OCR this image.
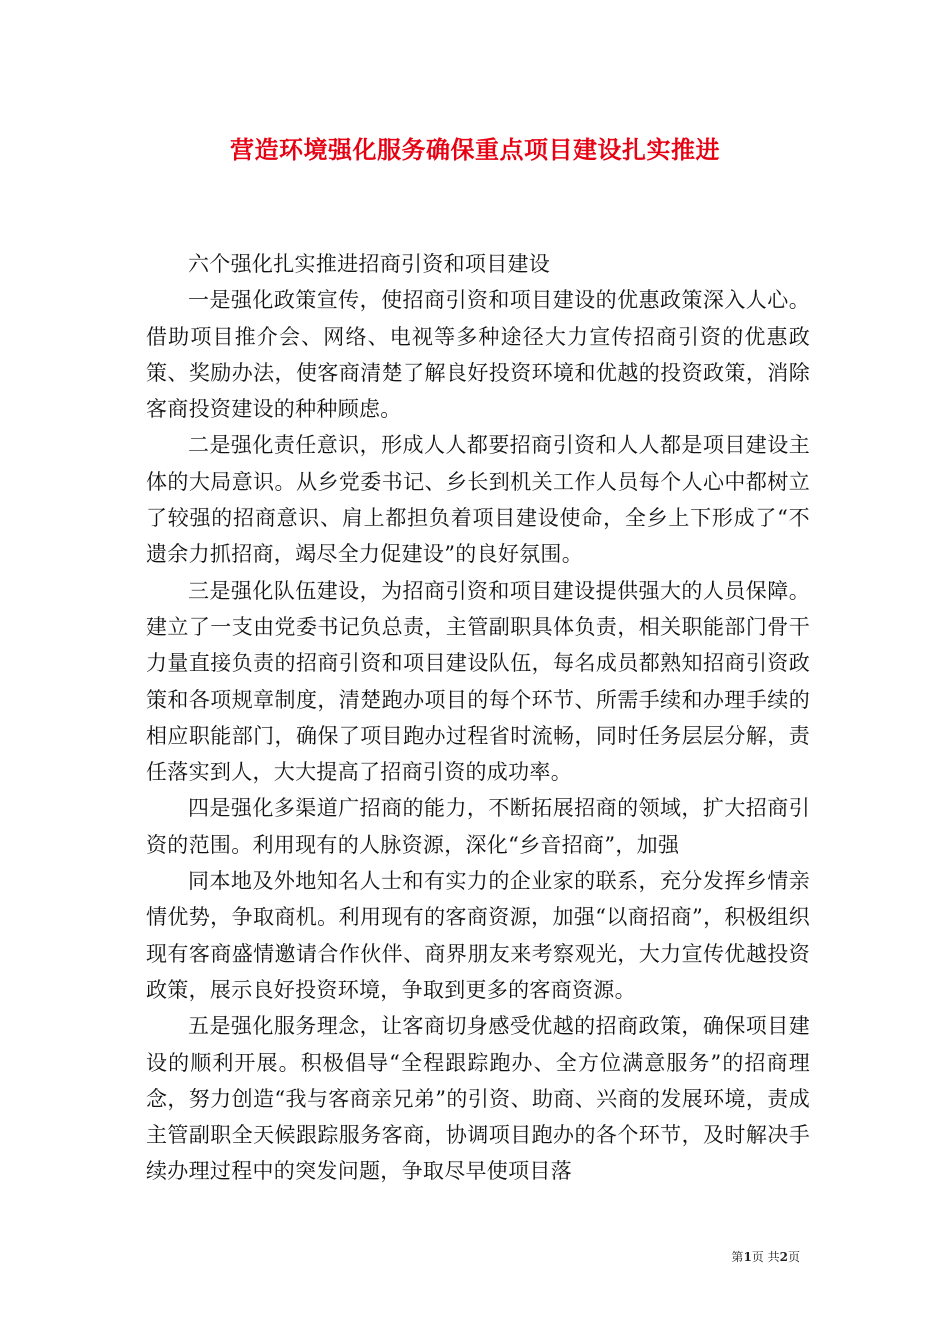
营造环境强化服务确保重点项目建设扎实推进

六个强化扎实推进招商引资和项目建设

一是强化政策宣传，使招商引资和项目建设的优惠政策深入人心。借助项目推介会、网络、电视等多种途径大力宣传招商引资的优惠政策、奖励办法，使客商清楚了解良好投资环境和优越的投资政策，消除客商投资建设的种种顾虑。

二是强化责任意识，形成人人都要招商引资和人人都是项目建设主体的大局意识。从乡党委书记、乡长到机关工作人员每个人心中都树立了较强的招商意识、肩上都担负着项目建设使命，全乡上下形成了“不遗余力抓招商，竭尽全力促建设”的良好氛围。

三是强化队伍建设，为招商引资和项目建设提供强大的人员保障。建立了一支由党委书记负总责，主管副职具体负责，相关职能部门骨干力量直接负责的招商引资和项目建设队伍，每名成员都熟知招商引资政策和各项规章制度，清楚跑办项目的每个环节、所需手续和办理手续的相应职能部门，确保了项目跑办过程省时流畅，同时任务层层分解，责任落实到人，大大提高了招商引资的成功率。

四是强化多渠道广招商的能力，不断拓展招商的领域，扩大招商引资的范围。利用现有的人脉资源，深化“乡音招商”，加强

同本地及外地知名人士和有实力的企业家的联系，充分发挥乡情亲情优势，争取商机。利用现有的客商资源，加强“以商招商”，积极组织现有客商盛情邀请合作伙伴、商界朋友来考察观光，大力宣传优越投资政策，展示良好投资环境，争取到更多的客商资源。

五是强化服务理念，让客商切身感受优越的招商政策，确保项目建设的顺利开展。积极倡导“全程跟踪跑办、全方位满意服务”的招商理念，努力创造“我与客商亲兄弟”的引资、助商、兴商的发展环境，责成主管副职全天候跟踪服务客商，协调项目跑办的各个环节，及时解决手续办理过程中的突发问题，争取尽早使项目落

第1页 共2页
